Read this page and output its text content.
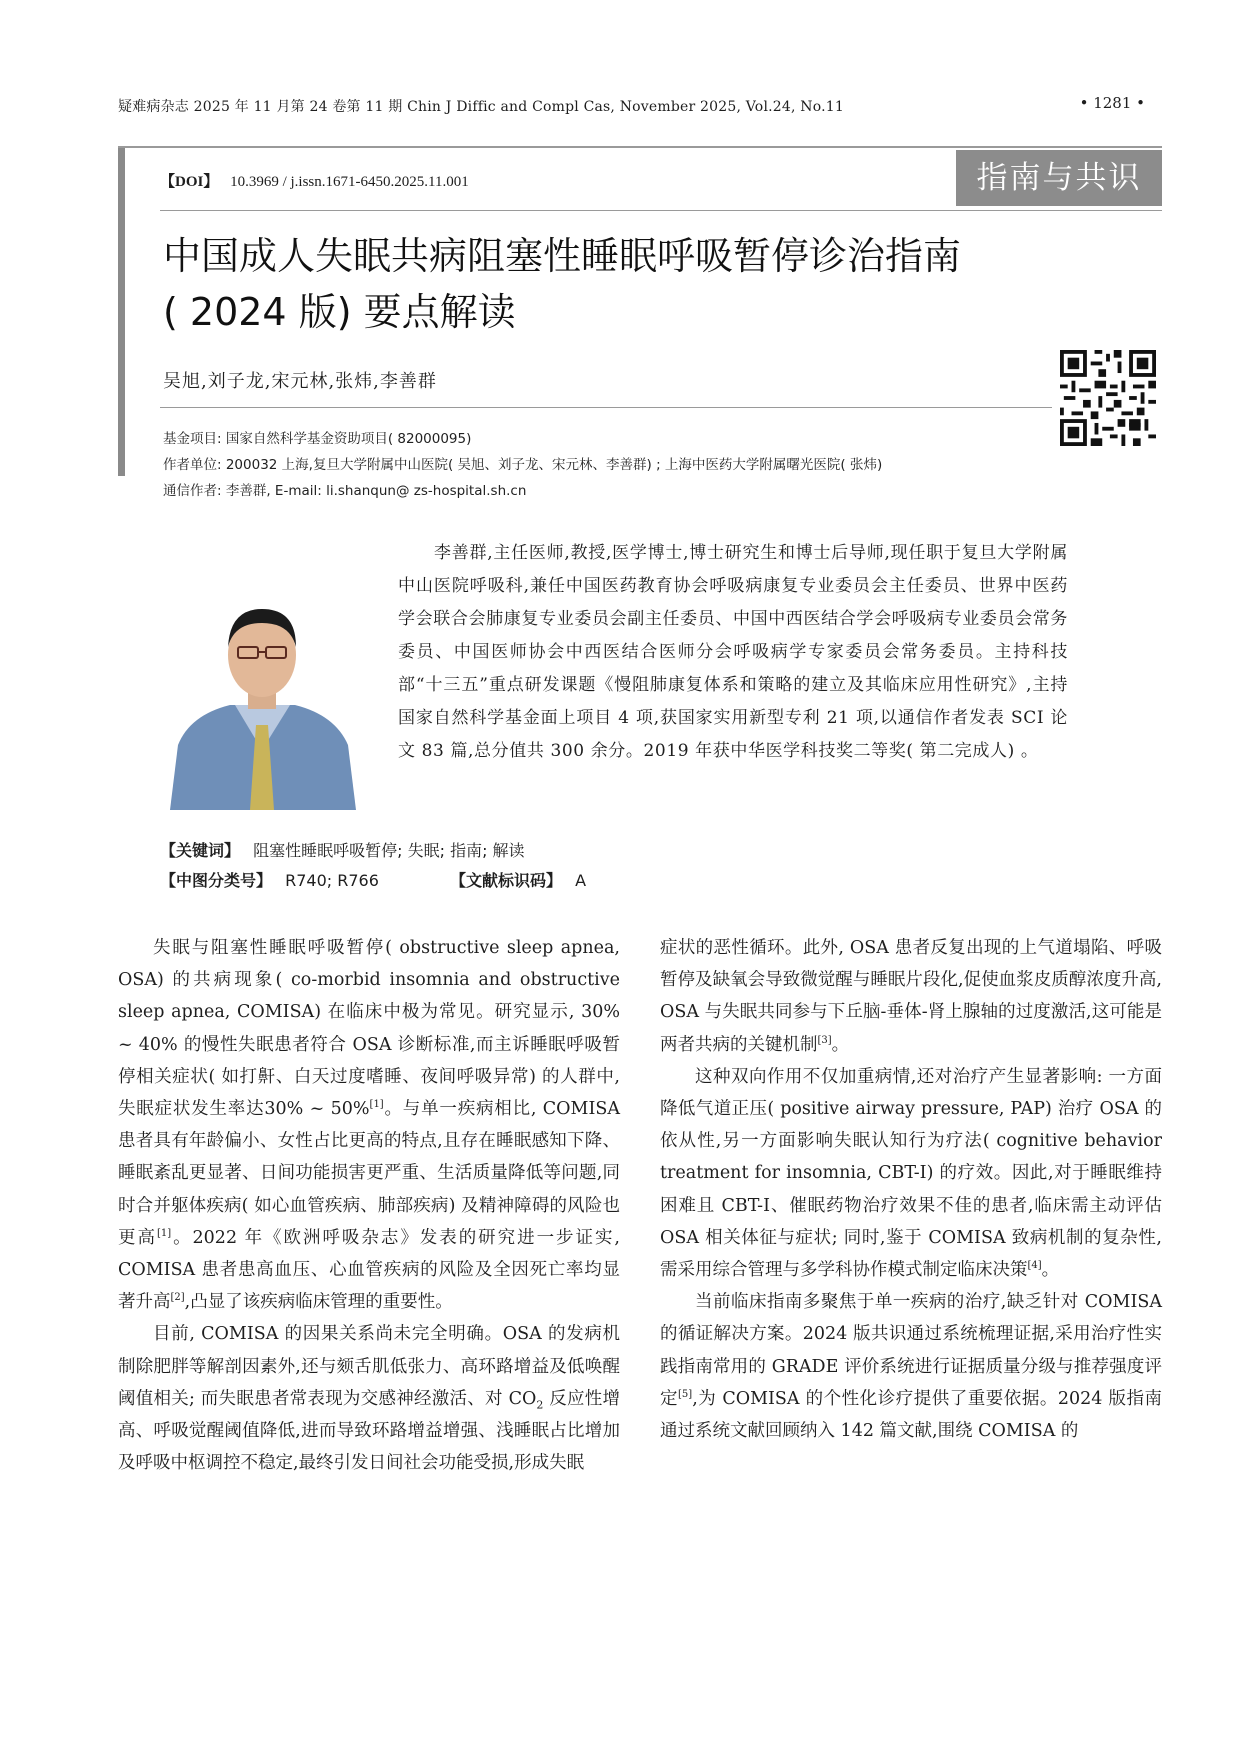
疑难病杂志 2025 年 11 月第 24 卷第 11 期 Chin J Diffic and Compl Cas, November 2025, Vol.24, No.11	• 1281 •
【DOI】 10.3969 / j.issn.1671-6450.2025.11.001	指南与共识
中国成人失眠共病阻塞性睡眠呼吸暂停诊治指南
( 2024 版) 要点解读
吴旭,刘子龙,宋元林,张炜,李善群
基金项目: 国家自然科学基金资助项目( 82000095)
作者单位: 200032 上海,复旦大学附属中山医院( 吴旭、刘子龙、宋元林、李善群) ; 上海中医药大学附属曙光医院( 张炜)
通信作者: 李善群, E-mail: li.shanqun@ zs-hospital.sh.cn
李善群,主任医师,教授,医学博士,博士研究生和博士后导师,现任职于复旦大学附属中山医院呼吸科,兼任中国医药教育协会呼吸病康复专业委员会主任委员、世界中医药学会联合会肺康复专业委员会副主任委员、中国中西医结合学会呼吸病专业委员会常务委员、中国医师协会中西医结合医师分会呼吸病学专家委员会常务委员。主持科技部“十三五”重点研发课题《慢阻肺康复体系和策略的建立及其临床应用性研究》,主持国家自然科学基金面上项目 4 项,获国家实用新型专利 21 项,以通信作者发表 SCI 论文 83 篇,总分值共 300 余分。2019 年获中华医学科技奖二等奖( 第二完成人) 。
【关键词】 阻塞性睡眠呼吸暂停; 失眠; 指南; 解读
【中图分类号】 R740; R766	【文献标识码】 A

失眠与阻塞性睡眠呼吸暂停( obstructive sleep apnea, OSA) 的共病现象( co-morbid insomnia and obstructive sleep apnea, COMISA) 在临床中极为常见。研究显示, 30% ~ 40% 的慢性失眠患者符合 OSA 诊断标准,而主诉睡眠呼吸暂停相关症状( 如打鼾、白天过度嗜睡、夜间呼吸异常) 的人群中,失眠症状发生率达30% ~ 50%[1]。与单一疾病相比, COMISA 患者具有年龄偏小、女性占比更高的特点,且存在睡眠感知下降、睡眠紊乱更显著、日间功能损害更严重、生活质量降低等问题,同时合并躯体疾病( 如心血管疾病、肺部疾病) 及精神障碍的风险也更高[1]。2022 年《欧洲呼吸杂志》发表的研究进一步证实, COMISA 患者患高血压、心血管疾病的风险及全因死亡率均显著升高[2],凸显了该疾病临床管理的重要性。

目前, COMISA 的因果关系尚未完全明确。OSA 的发病机制除肥胖等解剖因素外,还与颏舌肌低张力、高环路增益及低唤醒阈值相关; 而失眠患者常表现为交感神经激活、对 $CO_2$ 反应性增高、呼吸觉醒阈值降低,进而导致环路增益增强、浅睡眠占比增加及呼吸中枢调控不稳定,最终引发日间社会功能受损,形成失眠

症状的恶性循环。此外, OSA 患者反复出现的上气道塌陷、呼吸暂停及缺氧会导致微觉醒与睡眠片段化,促使血浆皮质醇浓度升高, OSA 与失眠共同参与下丘脑-垂体-肾上腺轴的过度激活,这可能是两者共病的关键机制[3]。

这种双向作用不仅加重病情,还对治疗产生显著影响: 一方面降低气道正压( positive airway pressure, PAP) 治疗 OSA 的依从性,另一方面影响失眠认知行为疗法( cognitive behavior treatment for insomnia, CBT-I) 的疗效。因此,对于睡眠维持困难且 CBT-I、催眠药物治疗效果不佳的患者,临床需主动评估 OSA 相关体征与症状; 同时,鉴于 COMISA 致病机制的复杂性,需采用综合管理与多学科协作模式制定临床决策[4]。

当前临床指南多聚焦于单一疾病的治疗,缺乏针对 COMISA 的循证解决方案。2024 版共识通过系统梳理证据,采用治疗性实践指南常用的 GRADE 评价系统进行证据质量分级与推荐强度评定[5],为 COMISA 的个性化诊疗提供了重要依据。2024 版指南通过系统文献回顾纳入 142 篇文献,围绕 COMISA 的
